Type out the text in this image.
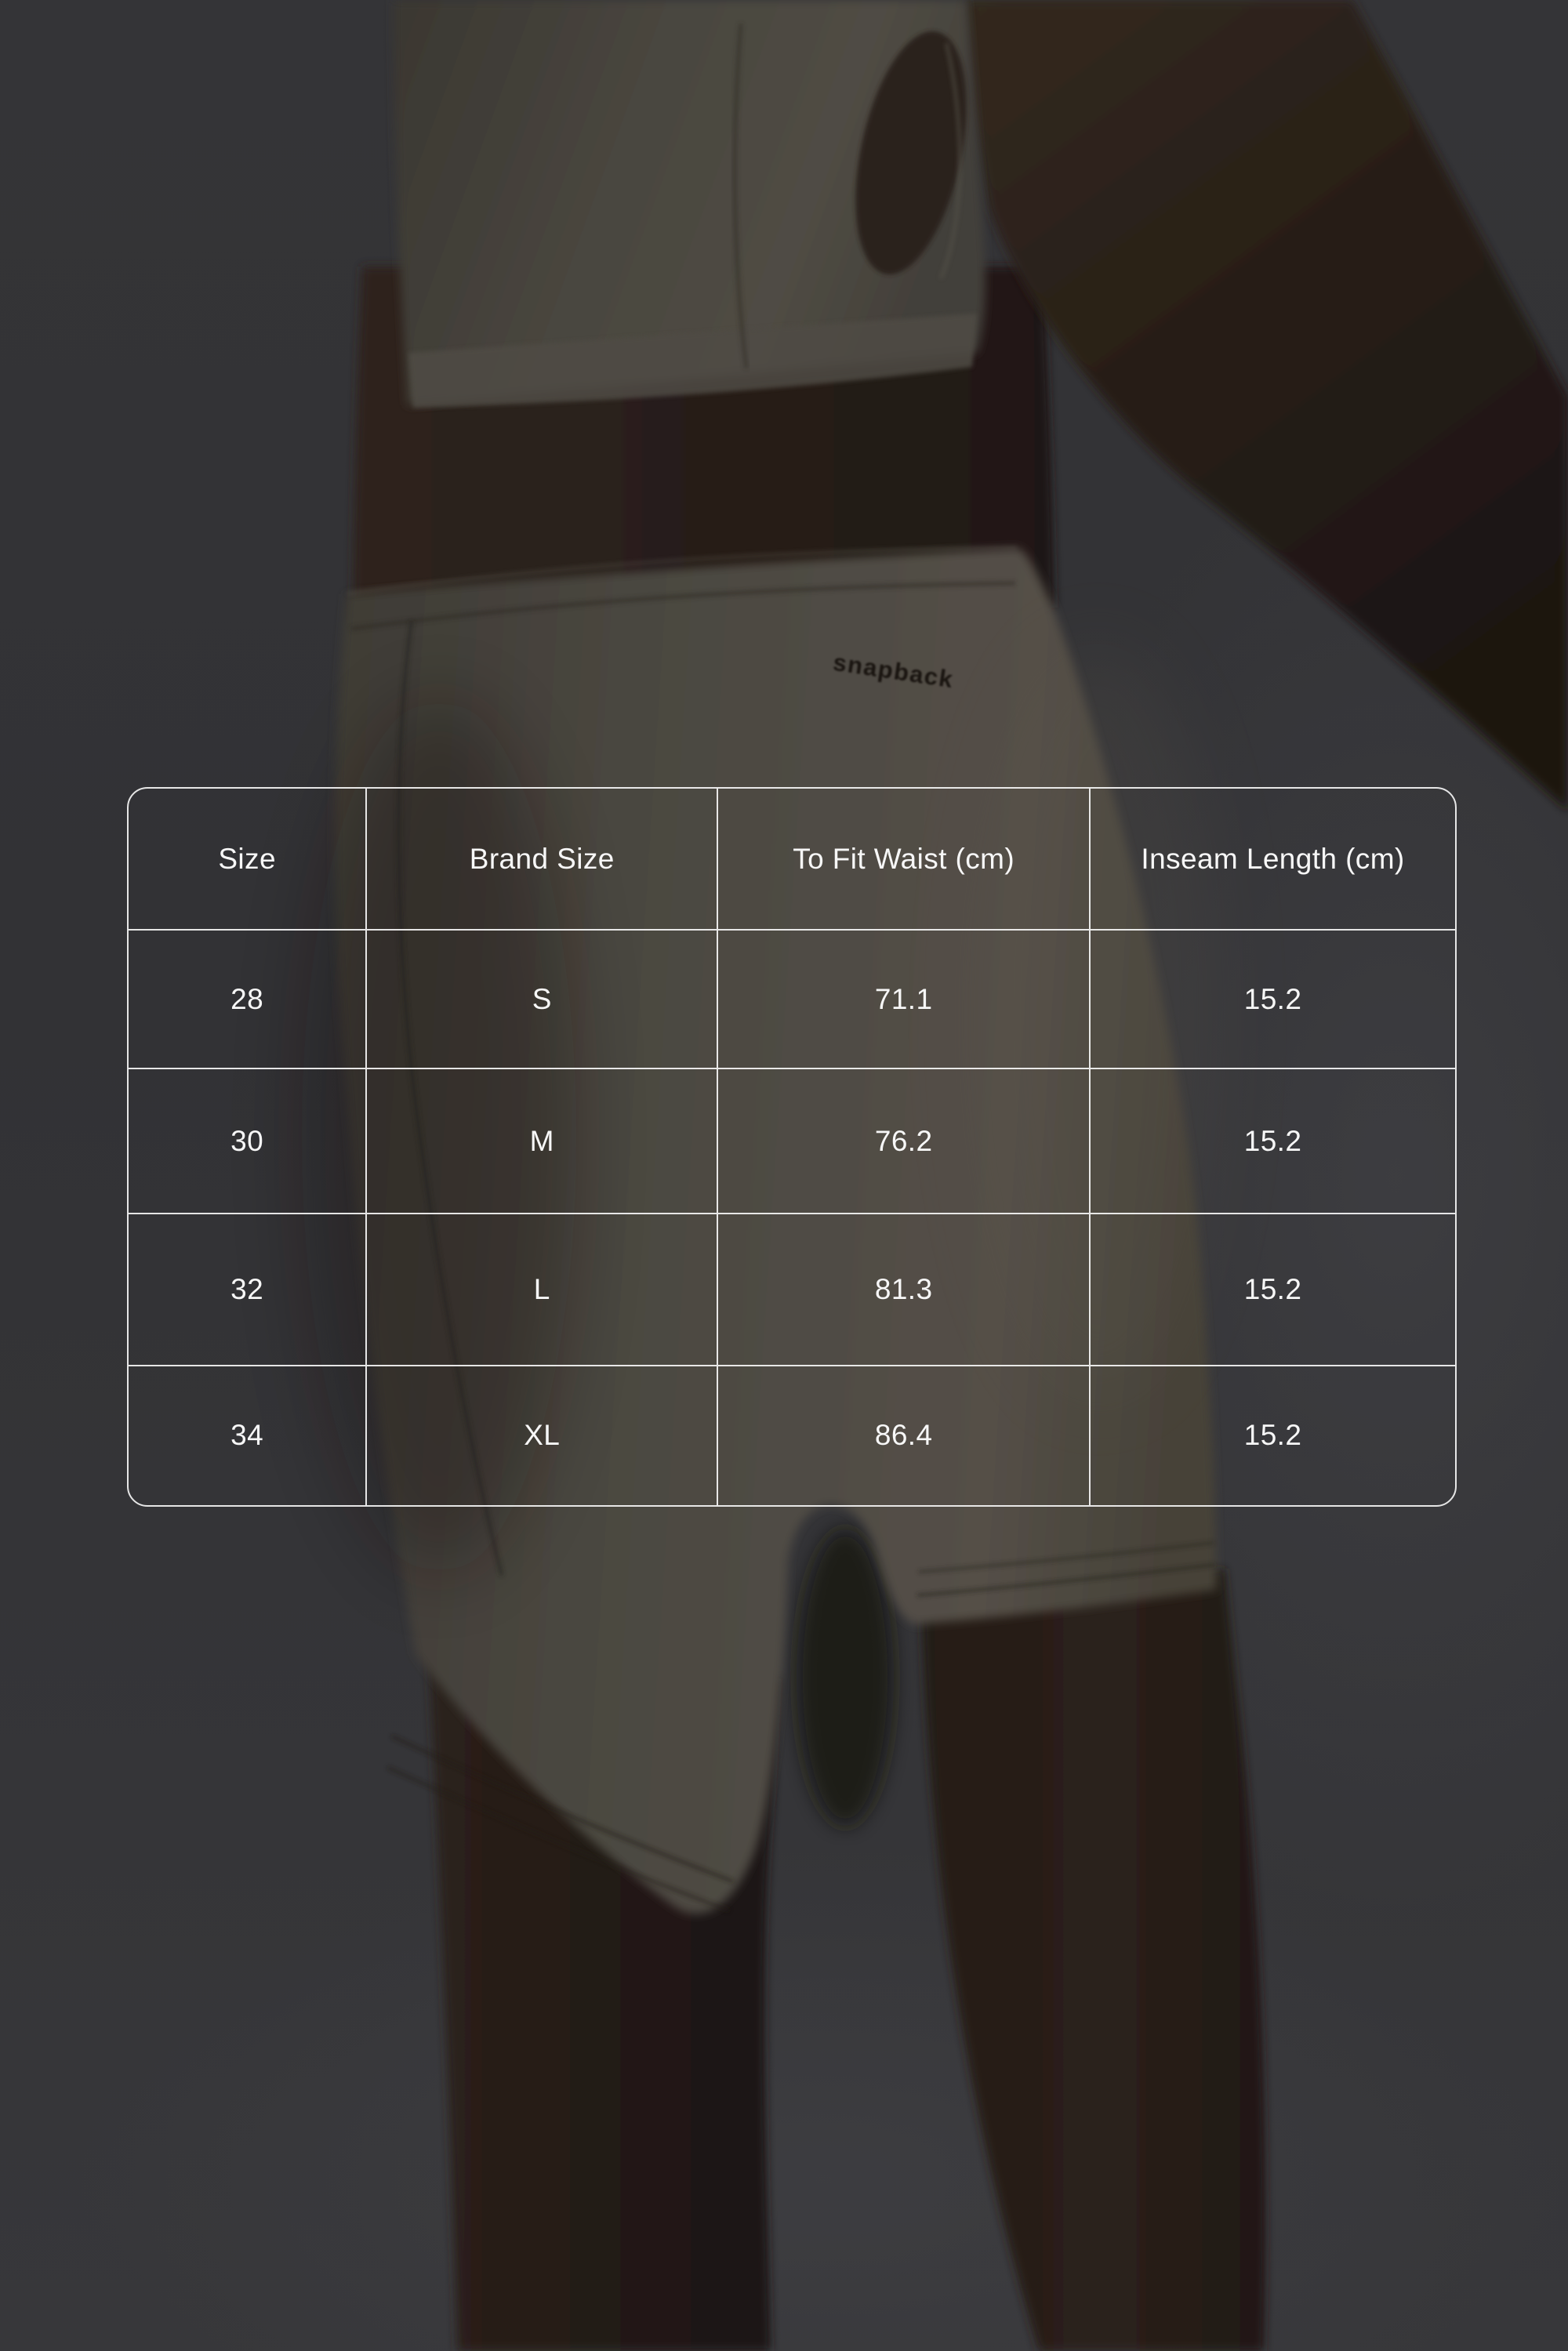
snapback
Size	Brand Size	To Fit Waist (cm)	Inseam Length (cm)
28	S	71.1	15.2
30	M	76.2	15.2
32	L	81.3	15.2
34	XL	86.4	15.2
